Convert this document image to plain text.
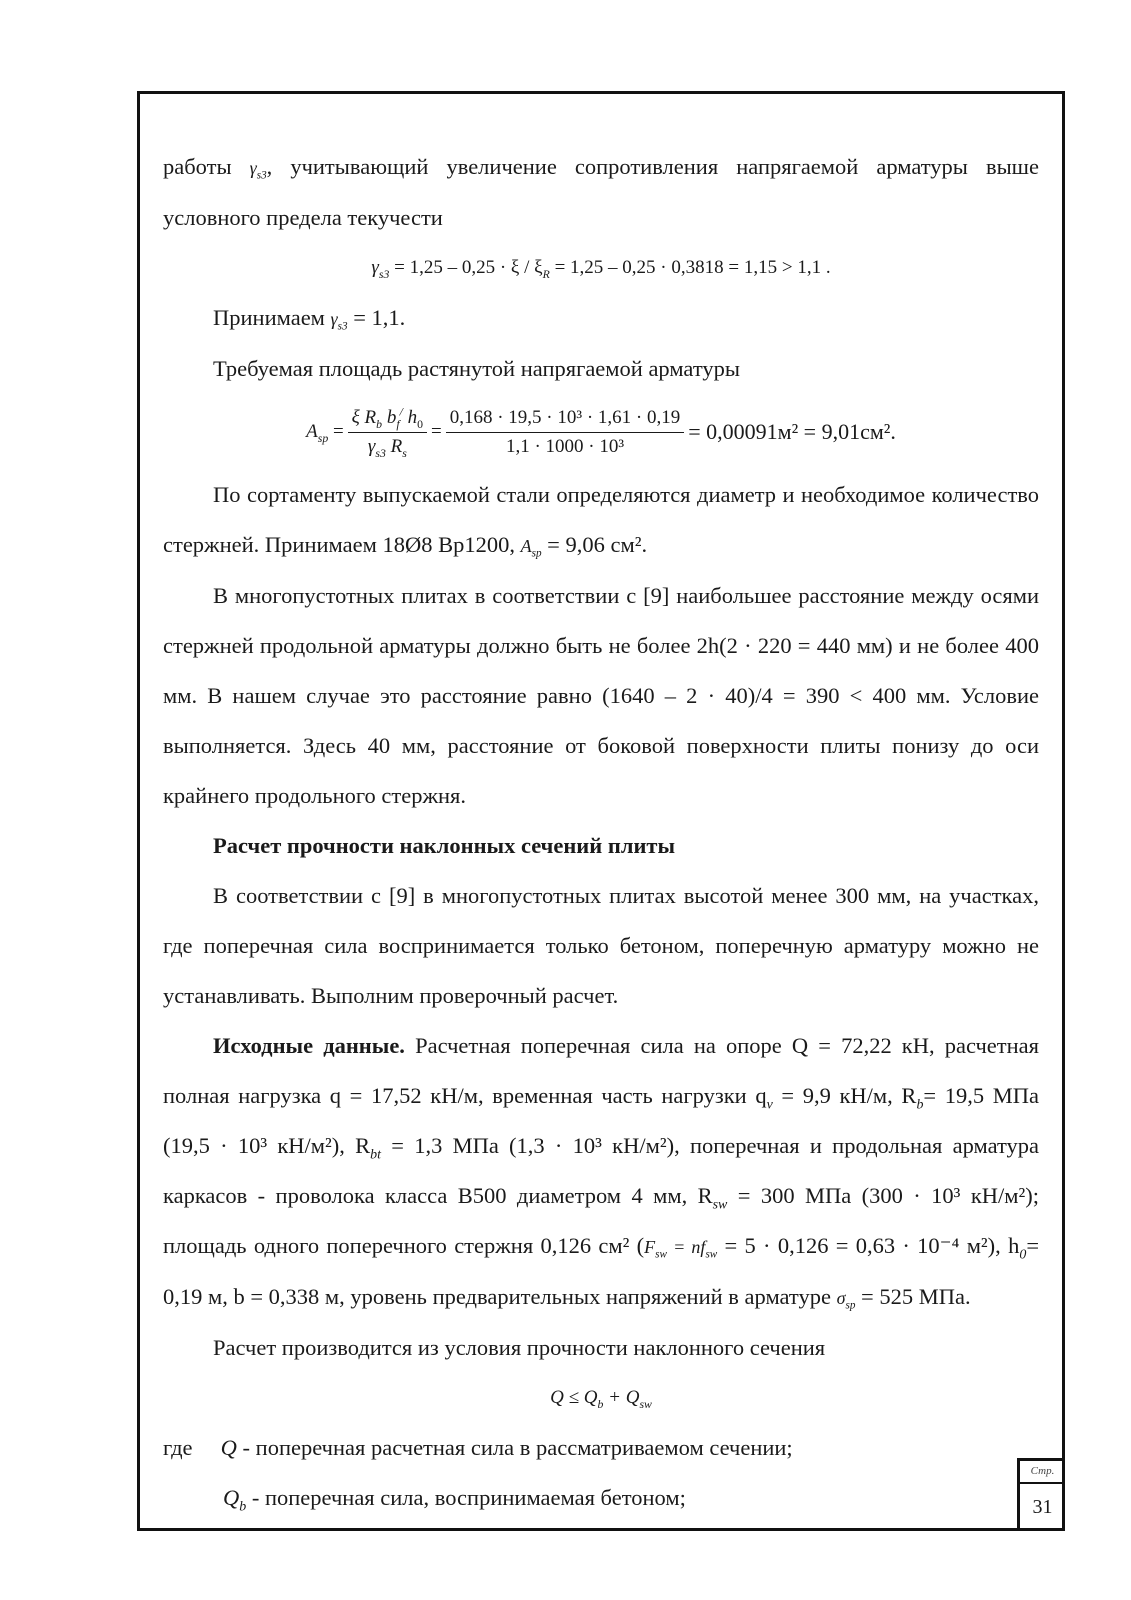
работы $\gamma_{s3}$, учитывающий увеличение сопротивления напрягаемой арматуры выше условного предела текучести

$\gamma_{s3} = 1,25 - 0,25 \cdot \xi / \xi_R = 1,25 - 0,25 \cdot 0,3818 = 1,15 > 1,1$ .

Принимаем $\gamma_{s3} = 1,1$.

Требуемая площадь растянутой напрягаемой арматуры

$A_{sp} = \frac{\xi R_b b_f^/ h_0}{\gamma_{s3} R_s} = \frac{\text{0,168 · 19,5 · 10³ · 1,61 · 0,19}}{\text{1,1 · 1000 · 10³}} = 0,00091м^2 = 9,01см^2$.

По сортаменту выпускаемой стали определяются диаметр и необходимое количество стержней. Принимаем 18Ø8 Вр1200, $A_{sp} = 9,06$ см².

В многопустотных плитах в соответствии с [9] наибольшее расстояние между осями стержней продольной арматуры должно быть не более 2h(2 · 220 = 440 мм) и не более 400 мм. В нашем случае это расстояние равно (1640 – 2 · 40)/4 = 390 < 400 мм. Условие выполняется. Здесь 40 мм, расстояние от боковой поверхности плиты понизу до оси крайнего продольного стержня.

Расчет прочности наклонных сечений плиты

В соответствии с [9] в многопустотных плитах высотой менее 300 мм, на участках, где поперечная сила воспринимается только бетоном, поперечную арматуру можно не устанавливать. Выполним проверочный расчет.

Исходные данные. Расчетная поперечная сила на опоре Q = 72,22 кН, расчетная полная нагрузка q = 17,52 кН/м, временная часть нагрузки $q_v = 9,9$ кН/м, $R_b= 19,5$ МПа (19,5 · 10³ кН/м²), $R_{bt} = 1,3$ МПа (1,3 · 10³ кН/м²), поперечная и продольная арматура каркасов - проволока класса В500 диаметром 4 мм, $R_{sw} = 300$ МПа (300 · 10³ кН/м²); площадь одного поперечного стержня 0,126 см² ($F_{sw} = nf_{sw} = 5 \cdot 0,126 = 0,63 \cdot 10^{-4}$ м²), $h_0= 0,19$ м, b = 0,338 м, уровень предварительных напряжений в арматуре $\sigma_{sp} = 525$ МПа.

Расчет производится из условия прочности наклонного сечения

$Q \le Q_b + Q_{sw}$

где Q - поперечная расчетная сила в рассматриваемом сечении;

$Q_b$ - поперечная сила, воспринимаемая бетоном;

Стр.
31
